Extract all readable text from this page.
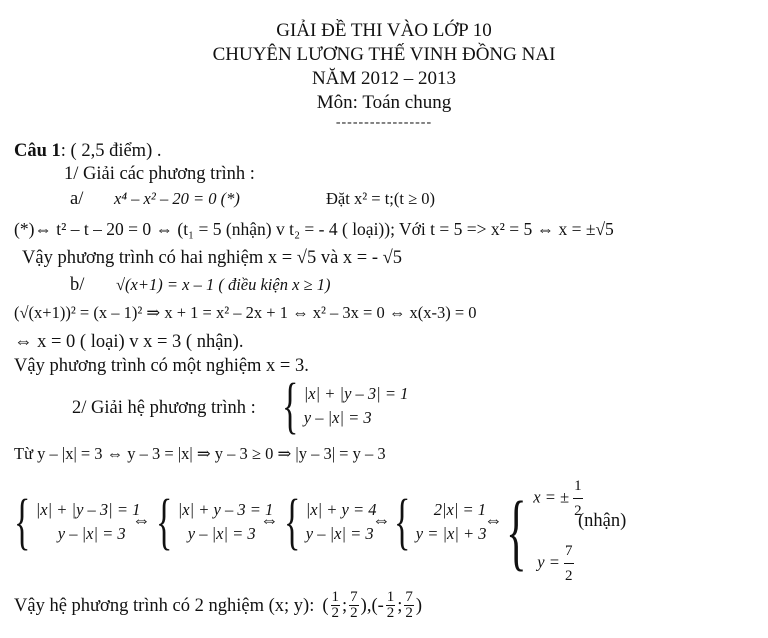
GIẢI ĐỀ THI VÀO LỚP 10
CHUYÊN LƯƠNG THẾ VINH ĐỒNG NAI
NĂM 2012 – 2013
Môn: Toán chung
-----------------
Câu 1: ( 2,5 điểm) .
1/ Giải các phương trình :
a/ x⁴ – x² – 20 = 0 (*)	Đặt x² = t;(t ≥ 0)
(*)⇔ t² – t – 20 = 0 ⇔ (t₁ = 5 (nhận) v t₂ = - 4 ( loại)); Với t = 5 => x² = 5 ⇔ x = ±√5
Vậy phương trình có hai nghiệm x = √5 và x = - √5
b/ √(x+1) = x – 1 ( điều kiện x ≥ 1)
(√(x+1))² = (x – 1)² ⇒ x + 1 = x² – 2x + 1 ⇔ x² – 3x = 0 ⇔ x(x-3) = 0
⇔ x = 0 ( loại) v x = 3 ( nhận).
Vậy phương trình có một nghiệm x = 3.
2/ Giải hệ phương trình : { |x| + |y – 3| = 1
y – |x| = 3
Từ y – |x| = 3 ⇔ y – 3 = |x| ⇒ y – 3 ≥ 0 ⇒ |y – 3| = y – 3
{ |x| + |y – 3| = 1
y – |x| = 3
⇔ { |x| + y – 3 = 1
y – |x| = 3
⇔ { |x| + y = 4
y – |x| = 3
⇔ {	2|x| = 1
y = |x| + 3
⇔ { x = ± $\frac{1}{2}$
$y = \frac{7}{2}$
(nhận)
Vậy hệ phương trình có 2 nghiệm (x; y): ( $\frac{1}{2}$ ; $\frac{7}{2}$ ),(- $\frac{1}{2}$ ; $\frac{7}{2}$ )
